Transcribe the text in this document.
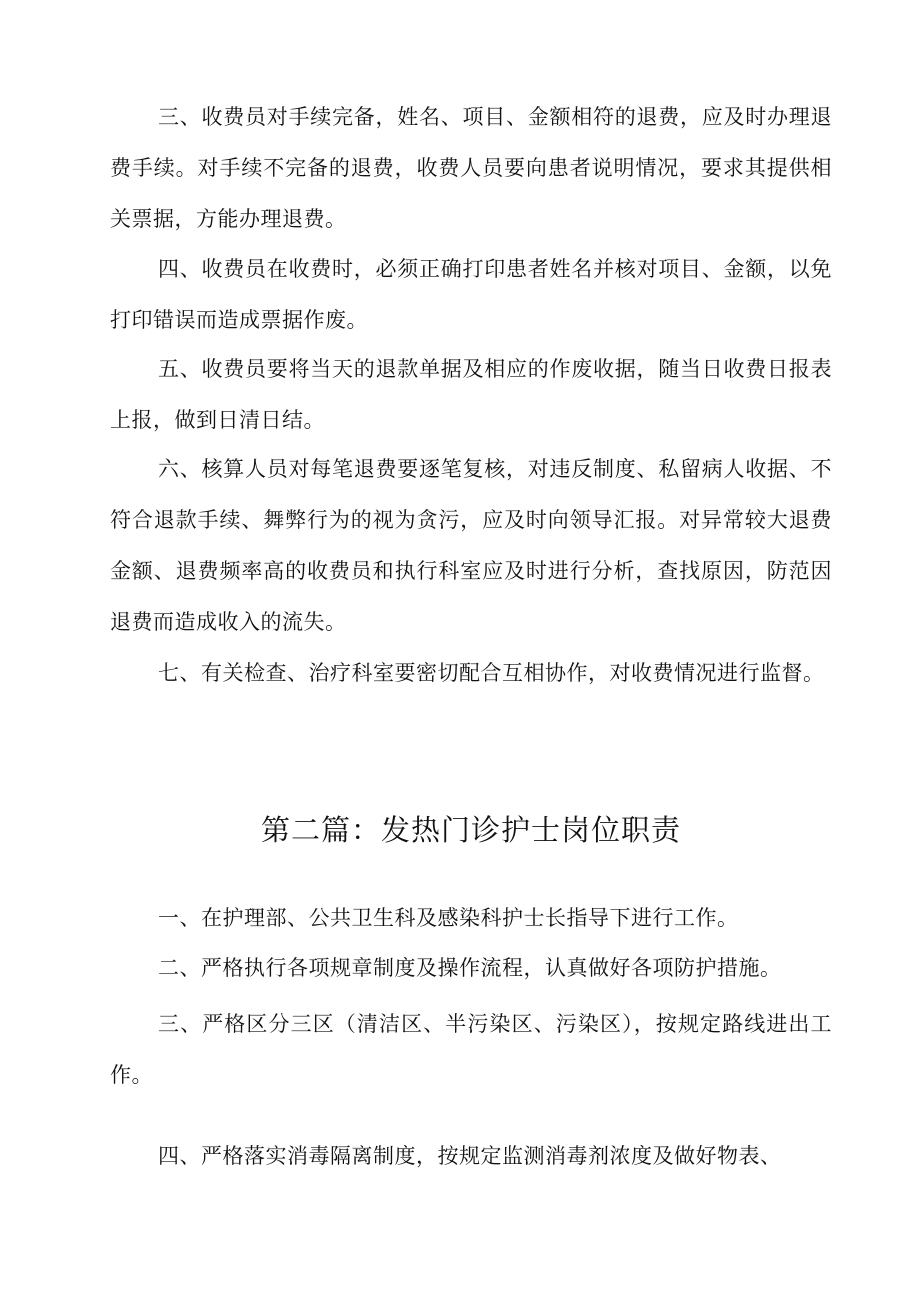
三、收费员对手续完备，姓名、项目、金额相符的退费，应及时办理退费手续。对手续不完备的退费，收费人员要向患者说明情况，要求其提供相关票据，方能办理退费。

四、收费员在收费时，必须正确打印患者姓名并核对项目、金额，以免打印错误而造成票据作废。

五、收费员要将当天的退款单据及相应的作废收据，随当日收费日报表上报，做到日清日结。

六、核算人员对每笔退费要逐笔复核，对违反制度、私留病人收据、不符合退款手续、舞弊行为的视为贪污，应及时向领导汇报。对异常较大退费金额、退费频率高的收费员和执行科室应及时进行分析，查找原因，防范因退费而造成收入的流失。

七、有关检查、治疗科室要密切配合互相协作，对收费情况进行监督。

第二篇：发热门诊护士岗位职责

一、在护理部、公共卫生科及感染科护士长指导下进行工作。

二、严格执行各项规章制度及操作流程，认真做好各项防护措施。

三、严格区分三区（清洁区、半污染区、污染区），按规定路线进出工作。

四、严格落实消毒隔离制度，按规定监测消毒剂浓度及做好物表、
